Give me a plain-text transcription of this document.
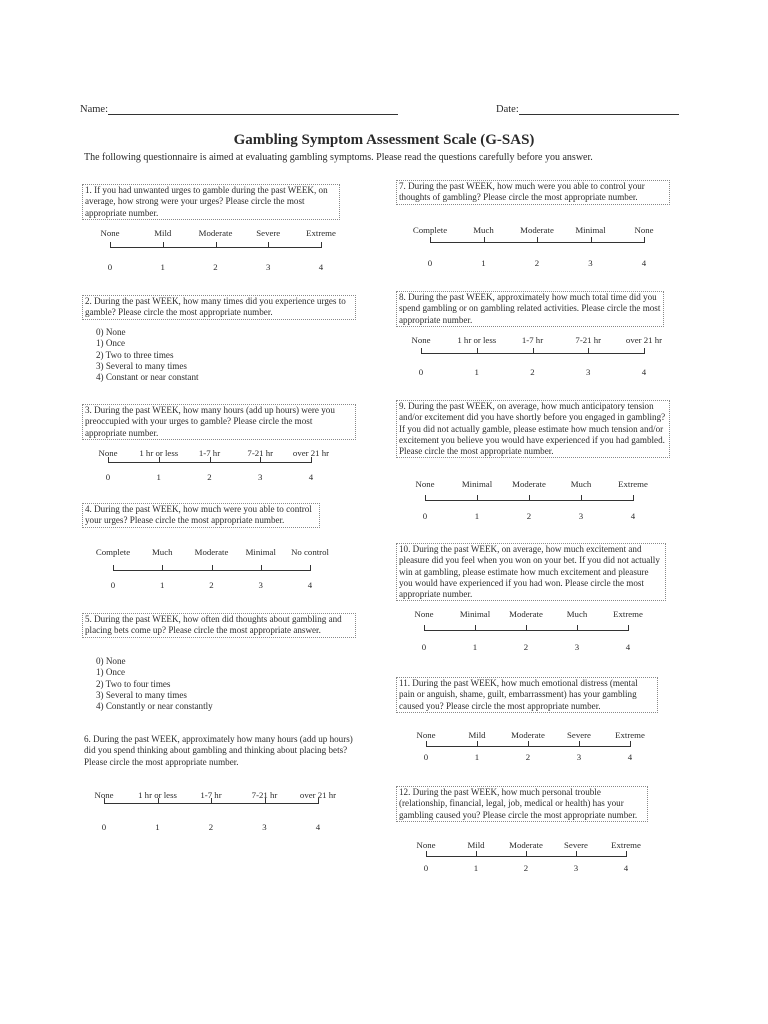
Name:	Date:
Gambling Symptom Assessment Scale (G-SAS)
The following questionnaire is aimed at evaluating gambling symptoms. Please read the questions carefully before you answer.
1. If you had unwanted urges to gamble during the past WEEK, on average, how strong were your urges? Please circle the most appropriate number.
None
0
Mild
1
Moderate
2
Severe
3
Extreme
4
2. During the past WEEK, how many times did you experience urges to gamble? Please circle the most appropriate number.
0) None
1) Once
2) Two to three times
3) Several to many times
4) Constant or near constant
3. During the past WEEK, how many hours (add up hours) were you preoccupied with your urges to gamble? Please circle the most appropriate number.
None
0
1 hr or less
1
1-7 hr
2
7-21 hr
3
over 21 hr
4
4. During the past WEEK, how much were you able to control your urges? Please circle the most appropriate number.
Complete
0
Much
1
Moderate
2
Minimal
3
No control
4
5. During the past WEEK, how often did thoughts about gambling and placing bets come up? Please circle the most appropriate answer.
0) None
1) Once
2) Two to four times
3) Several to many times
4) Constantly or near constantly
6. During the past WEEK, approximately how many hours (add up hours) did you spend thinking about gambling and thinking about placing bets? Please circle the most appropriate number.
None
0
1 hr or less
1
1-7 hr
2
7-21 hr
3
over 21 hr
4
7. During the past WEEK, how much were you able to control your thoughts of gambling? Please circle the most appropriate number.
Complete
0
Much
1
Moderate
2
Minimal
3
None
4
8. During the past WEEK, approximately how much total time did you spend gambling or on gambling related activities. Please circle the most appropriate number.
None
0
1 hr or less
1
1-7 hr
2
7-21 hr
3
over 21 hr
4
9. During the past WEEK, on average, how much anticipatory tension and/or excitement did you have shortly before you engaged in gambling? If you did not actually gamble, please estimate how much tension and/or excitement you believe you would have experienced if you had gambled. Please circle the most appropriate number.
None
0
Minimal
1
Moderate
2
Much
3
Extreme
4
10. During the past WEEK, on average, how much excitement and pleasure did you feel when you won on your bet. If you did not actually win at gambling, please estimate how much excitement and pleasure you would have experienced if you had won. Please circle the most appropriate number.
None
0
Minimal
1
Moderate
2
Much
3
Extreme
4
11. During the past WEEK, how much emotional distress (mental pain or anguish, shame, guilt, embarrassment) has your gambling caused you? Please circle the most appropriate number.
None
0
Mild
1
Moderate
2
Severe
3
Extreme
4
12. During the past WEEK, how much personal trouble (relationship, financial, legal, job, medical or health) has your gambling caused you? Please circle the most appropriate number.
None
0
Mild
1
Moderate
2
Severe
3
Extreme
4
